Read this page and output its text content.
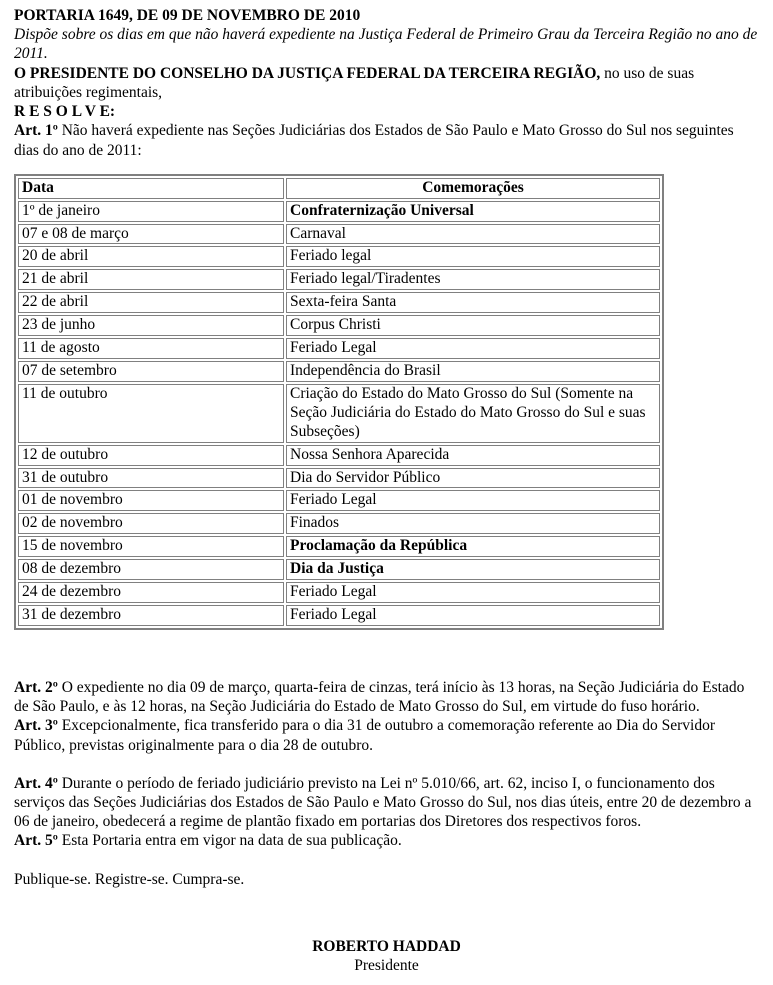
PORTARIA 1649, DE 09 DE NOVEMBRO DE 2010

Dispõe sobre os dias em que não haverá expediente na Justiça Federal de Primeiro Grau da Terceira Região no ano de 2011.

O PRESIDENTE DO CONSELHO DA JUSTIÇA FEDERAL DA TERCEIRA REGIÃO, no uso de suas atribuições regimentais,

R E S O L V E:

Art. 1º Não haverá expediente nas Seções Judiciárias dos Estados de São Paulo e Mato Grosso do Sul nos seguintes dias do ano de 2011:

Data	Comemorações
1º de janeiro	Confraternização Universal
07 e 08 de março	Carnaval
20 de abril	Feriado legal
21 de abril	Feriado legal/Tiradentes
22 de abril	Sexta-feira Santa
23 de junho	Corpus Christi
11 de agosto	Feriado Legal
07 de setembro	Independência do Brasil
11 de outubro	Criação do Estado do Mato Grosso do Sul (Somente na Seção Judiciária do Estado do Mato Grosso do Sul e suas Subseções)
12 de outubro	Nossa Senhora Aparecida
31 de outubro	Dia do Servidor Público
01 de novembro	Feriado Legal
02 de novembro	Finados
15 de novembro	Proclamação da República
08 de dezembro	Dia da Justiça
24 de dezembro	Feriado Legal
31 de dezembro	Feriado Legal

Art. 2º O expediente no dia 09 de março, quarta-feira de cinzas, terá início às 13 horas, na Seção Judiciária do Estado de São Paulo, e às 12 horas, na Seção Judiciária do Estado de Mato Grosso do Sul, em virtude do fuso horário.

Art. 3º Excepcionalmente, fica transferido para o dia 31 de outubro a comemoração referente ao Dia do Servidor Público, previstas originalmente para o dia 28 de outubro.

Art. 4º Durante o período de feriado judiciário previsto na Lei nº 5.010/66, art. 62, inciso I, o funcionamento dos serviços das Seções Judiciárias dos Estados de São Paulo e Mato Grosso do Sul, nos dias úteis, entre 20 de dezembro a 06 de janeiro, obedecerá a regime de plantão fixado em portarias dos Diretores dos respectivos foros.

Art. 5º Esta Portaria entra em vigor na data de sua publicação.

Publique-se. Registre-se. Cumpra-se.

ROBERTO HADDAD

Presidente
